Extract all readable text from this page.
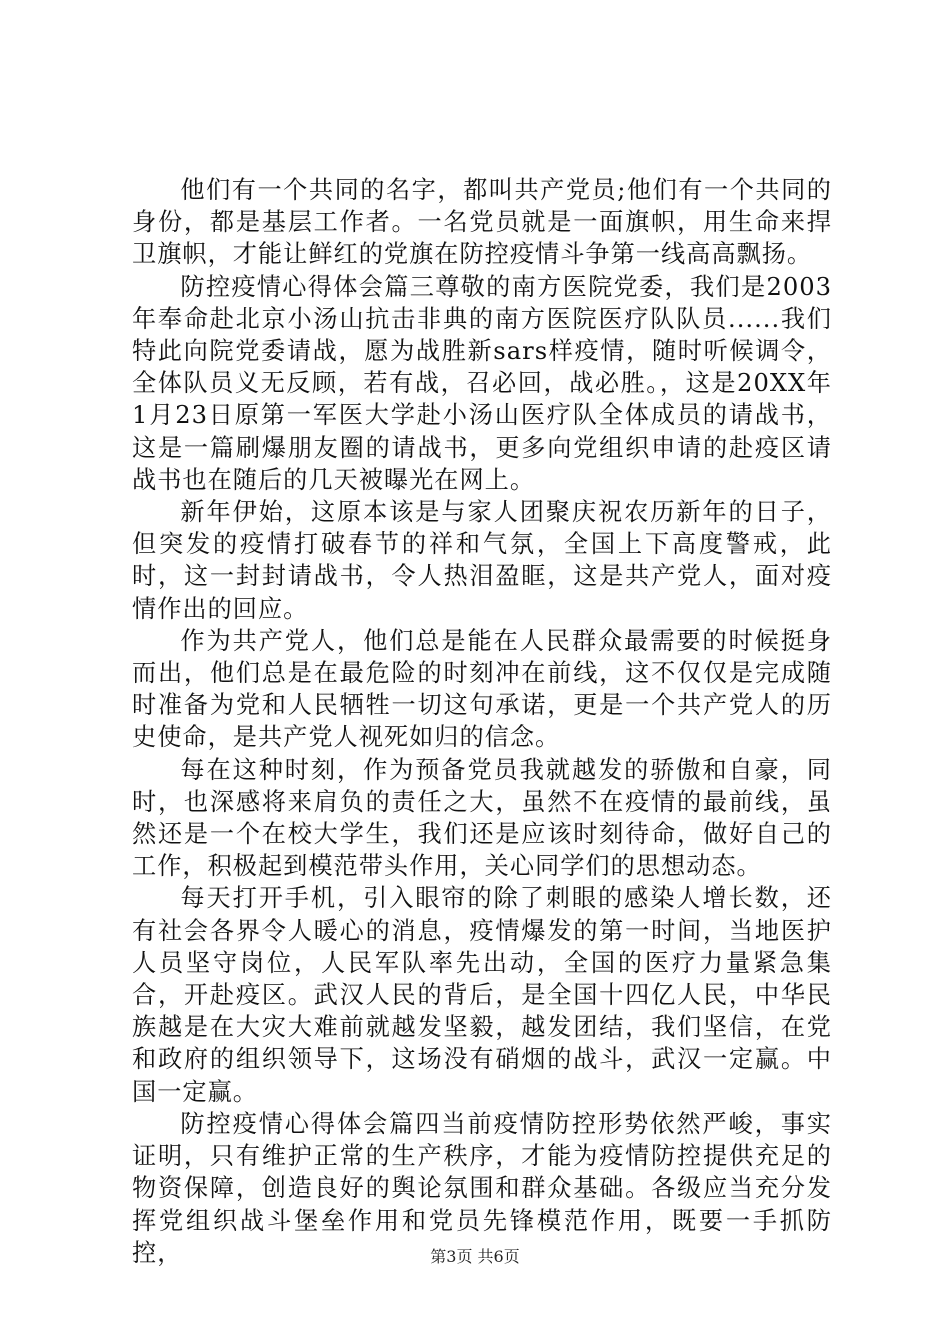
他们有一个共同的名字，都叫共产党员;他们有一个共同的身份，都是基层工作者。一名党员就是一面旗帜，用生命来捍卫旗帜，才能让鲜红的党旗在防控疫情斗争第一线高高飘扬。

防控疫情心得体会篇三尊敬的南方医院党委，我们是2003年奉命赴北京小汤山抗击非典的南方医院医疗队队员......我们特此向院党委请战，愿为战胜新sars样疫情，随时听候调令，全体队员义无反顾，若有战，召必回，战必胜。，这是20XX年1月23日原第一军医大学赴小汤山医疗队全体成员的请战书，这是一篇刷爆朋友圈的请战书，更多向党组织申请的赴疫区请战书也在随后的几天被曝光在网上。

新年伊始，这原本该是与家人团聚庆祝农历新年的日子，但突发的疫情打破春节的祥和气氛，全国上下高度警戒，此时，这一封封请战书，令人热泪盈眶，这是共产党人，面对疫情作出的回应。

作为共产党人，他们总是能在人民群众最需要的时候挺身而出，他们总是在最危险的时刻冲在前线，这不仅仅是完成随时准备为党和人民牺牲一切这句承诺，更是一个共产党人的历史使命，是共产党人视死如归的信念。

每在这种时刻，作为预备党员我就越发的骄傲和自豪，同时，也深感将来肩负的责任之大，虽然不在疫情的最前线，虽然还是一个在校大学生，我们还是应该时刻待命，做好自己的工作，积极起到模范带头作用，关心同学们的思想动态。

每天打开手机，引入眼帘的除了刺眼的感染人增长数，还有社会各界令人暖心的消息，疫情爆发的第一时间，当地医护人员坚守岗位，人民军队率先出动，全国的医疗力量紧急集合，开赴疫区。武汉人民的背后，是全国十四亿人民，中华民族越是在大灾大难前就越发坚毅，越发团结，我们坚信，在党和政府的组织领导下，这场没有硝烟的战斗，武汉一定赢。中国一定赢。

防控疫情心得体会篇四当前疫情防控形势依然严峻，事实证明，只有维护正常的生产秩序，才能为疫情防控提供充足的物资保障，创造良好的舆论氛围和群众基础。各级应当充分发挥党组织战斗堡垒作用和党员先锋模范作用，既要一手抓防控，	第3页 共6页
